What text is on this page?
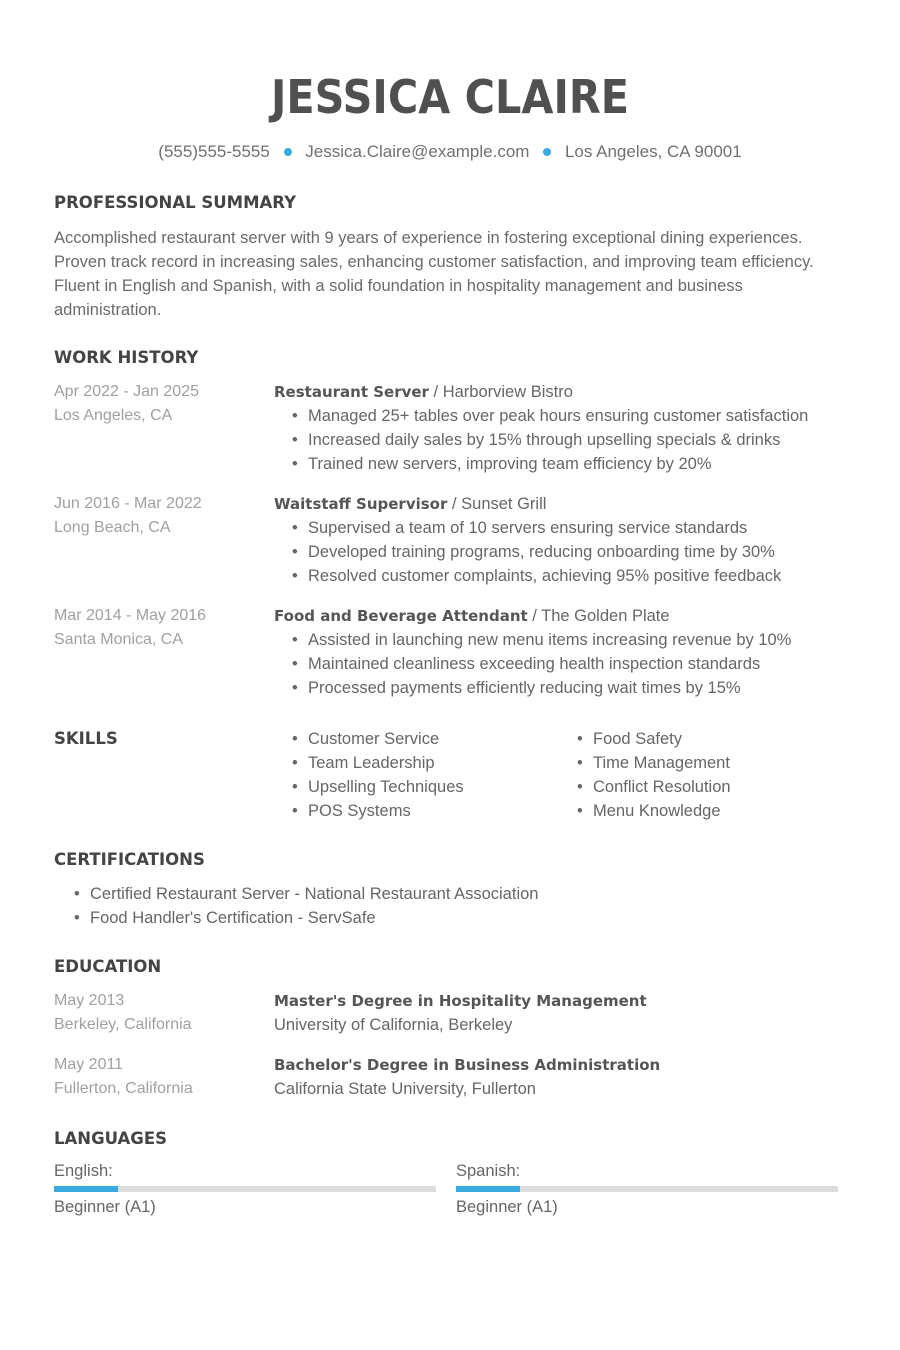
JESSICA CLAIRE
(555)555-5555 Jessica.Claire@example.com Los Angeles, CA 90001
PROFESSIONAL SUMMARY

Accomplished restaurant server with 9 years of experience in fostering exceptional dining experiences. Proven track record in increasing sales, enhancing customer satisfaction, and improving team efficiency. Fluent in English and Spanish, with a solid foundation in hospitality management and business administration.

WORK HISTORY
Apr 2022 - Jan 2025
Los Angeles, CA
Restaurant Server / Harborview Bistro
• Managed 25+ tables over peak hours ensuring customer satisfaction
• Increased daily sales by 15% through upselling specials & drinks
• Trained new servers, improving team efficiency by 20%
Jun 2016 - Mar 2022
Long Beach, CA
Waitstaff Supervisor / Sunset Grill
• Supervised a team of 10 servers ensuring service standards
• Developed training programs, reducing onboarding time by 30%
• Resolved customer complaints, achieving 95% positive feedback
Mar 2014 - May 2016
Santa Monica, CA
Food and Beverage Attendant / The Golden Plate
• Assisted in launching new menu items increasing revenue by 10%
• Maintained cleanliness exceeding health inspection standards
• Processed payments efficiently reducing wait times by 15%
SKILLS
•	Customer Service
• Team Leadership
• Upselling Techniques
• POS Systems
• Food Safety
• Time Management
• Conflict Resolution
• Menu Knowledge
CERTIFICATIONS
• Certified Restaurant Server - National Restaurant Association
• Food Handler's Certification - ServSafe
EDUCATION
May 2013
Berkeley, California
Master's Degree in Hospitality Management
University of California, Berkeley
May 2011
Fullerton, California
Bachelor's Degree in Business Administration
California State University, Fullerton
LANGUAGES
English:
Beginner (A1)
Spanish:
Beginner (A1)
